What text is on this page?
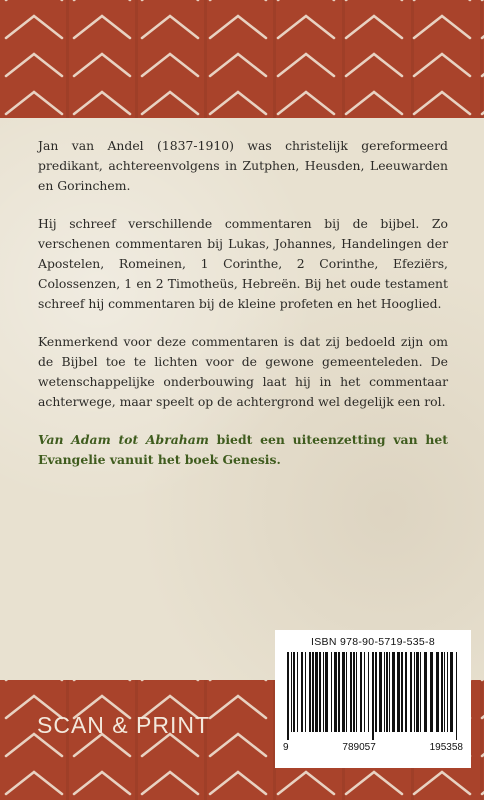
Jan van Andel (1837-1910) was christelijk gereformeerd predikant, achtereenvolgens in Zutphen, Heusden, Leeuwarden en Gorinchem.

Hij schreef verschillende commentaren bij de bijbel. Zo verschenen commentaren bij Lukas, Johannes, Handelingen der Apostelen, Romeinen, 1 Corinthe, 2 Corinthe, Efeziërs, Colossenzen, 1 en 2 Timotheüs, Hebreën. Bij het oude testament schreef hij commentaren bij de kleine profeten en het Hooglied.

Kenmerkend voor deze commentaren is dat zij bedoeld zijn om de Bijbel toe te lichten voor de gewone gemeenteleden. De wetenschappelijke onderbouwing laat hij in het commentaar achterwege, maar speelt op de achtergrond wel degelijk een rol.

Van Adam tot Abraham biedt een uiteenzetting van het Evangelie vanuit het boek Genesis.

SCAN & PRINT
ISBN 978-90-5719-535-8
9	789057	195358
